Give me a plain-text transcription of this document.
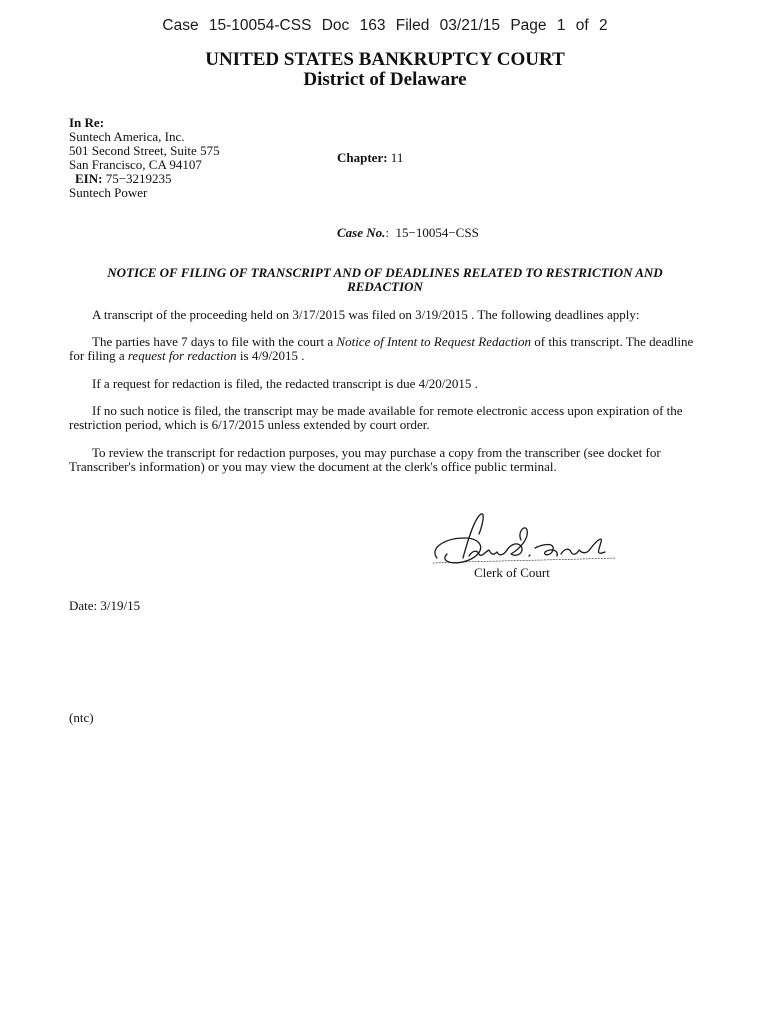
Case 15-10054-CSS Doc 163 Filed 03/21/15 Page 1 of 2
UNITED STATES BANKRUPTCY COURT
District of Delaware
In Re:
Suntech America, Inc.
501 Second Street, Suite 575
San Francisco, CA 94107
EIN: 75−3219235
Suntech Power
Chapter: 11
Case No.: 15−10054−CSS
NOTICE OF FILING OF TRANSCRIPT AND OF DEADLINES RELATED TO RESTRICTION AND REDACTION
A transcript of the proceeding held on 3/17/2015 was filed on 3/19/2015 . The following deadlines apply:
The parties have 7 days to file with the court a Notice of Intent to Request Redaction of this transcript. The deadline for filing a request for redaction is 4/9/2015 .
If a request for redaction is filed, the redacted transcript is due 4/20/2015 .
If no such notice is filed, the transcript may be made available for remote electronic access upon expiration of the restriction period, which is 6/17/2015 unless extended by court order.
To review the transcript for redaction purposes, you may purchase a copy from the transcriber (see docket for Transcriber's information) or you may view the document at the clerk's office public terminal.
Clerk of Court
Date: 3/19/15
(ntc)
